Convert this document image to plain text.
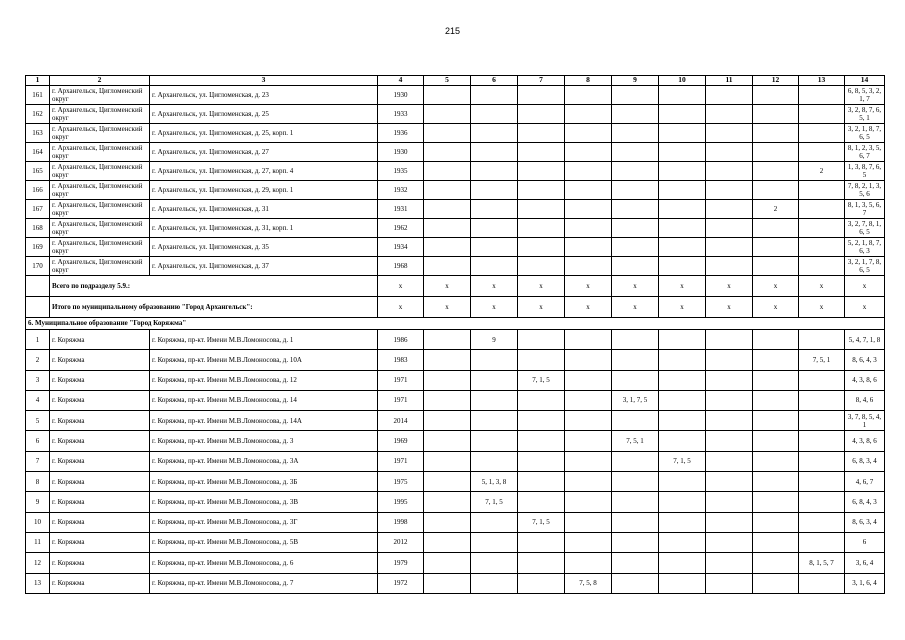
215
1	2	3	4	5	6	7	8	9	10	11	12	13	14
161	г. Архангельск, Цигломенский округ	г. Архангельск, ул. Цигломенская, д. 23	1930										6, 8, 5, 3, 2, 1, 7
162	г. Архангельск, Цигломенский округ	г. Архангельск, ул. Цигломенская, д. 25	1933										3, 2, 8, 7, 6, 5, 1
163	г. Архангельск, Цигломенский округ	г. Архангельск, ул. Цигломенская, д. 25, корп. 1	1936										3, 2, 1, 8, 7, 6, 5
164	г. Архангельск, Цигломенский округ	г. Архангельск, ул. Цигломенская, д. 27	1930										8, 1, 2, 3, 5, 6, 7
165	г. Архангельск, Цигломенский округ	г. Архангельск, ул. Цигломенская, д. 27, корп. 4	1935									2	1, 3, 8, 7, 6, 5
166	г. Архангельск, Цигломенский округ	г. Архангельск, ул. Цигломенская, д. 29, корп. 1	1932										7, 8, 2, 1, 3, 5, 6
167	г. Архангельск, Цигломенский округ	г. Архангельск, ул. Цигломенская, д. 31	1931								2		8, 1, 3, 5, 6, 7
168	г. Архангельск, Цигломенский округ	г. Архангельск, ул. Цигломенская, д. 31, корп. 1	1962										3, 2, 7, 8, 1, 6, 5
169	г. Архангельск, Цигломенский округ	г. Архангельск, ул. Цигломенская, д. 35	1934										5, 2, 1, 8, 7, 6, 3
170	г. Архангельск, Цигломенский округ	г. Архангельск, ул. Цигломенская, д. 37	1968										3, 2, 1, 7, 8, 6, 5
	Всего по подразделу 5.9.:		x	x	x	x	x	x	x	x	x	x	x
	Итого по муниципальному образованию "Город Архангельск":		x	x	x	x	x	x	x	x	x	x	x
6. Муниципальное образование "Город Коряжма"													
1	г. Коряжма	г. Коряжма, пр-кт. Имени М.В.Ломоносова, д. 1	1986		9								5, 4, 7, 1, 8
2	г. Коряжма	г. Коряжма, пр-кт. Имени М.В.Ломоносова, д. 10А	1983									7, 5, 1	8, 6, 4, 3
3	г. Коряжма	г. Коряжма, пр-кт. Имени М.В.Ломоносова, д. 12	1971			7, 1, 5							4, 3, 8, 6
4	г. Коряжма	г. Коряжма, пр-кт. Имени М.В.Ломоносова, д. 14	1971					3, 1, 7, 5					8, 4, 6
5	г. Коряжма	г. Коряжма, пр-кт. Имени М.В.Ломоносова, д. 14А	2014										3, 7, 8, 5, 4, 1
6	г. Коряжма	г. Коряжма, пр-кт. Имени М.В.Ломоносова, д. 3	1969					7, 5, 1					4, 3, 8, 6
7	г. Коряжма	г. Коряжма, пр-кт. Имени М.В.Ломоносова, д. 3А	1971						7, 1, 5				6, 8, 3, 4
8	г. Коряжма	г. Коряжма, пр-кт. Имени М.В.Ломоносова, д. 3Б	1975		5, 1, 3, 8								4, 6, 7
9	г. Коряжма	г. Коряжма, пр-кт. Имени М.В.Ломоносова, д. 3В	1995		7, 1, 5								6, 8, 4, 3
10	г. Коряжма	г. Коряжма, пр-кт. Имени М.В.Ломоносова, д. 3Г	1998			7, 1, 5							8, 6, 3, 4
11	г. Коряжма	г. Коряжма, пр-кт. Имени М.В.Ломоносова, д. 5В	2012										6
12	г. Коряжма	г. Коряжма, пр-кт. Имени М.В.Ломоносова, д. 6	1979									8, 1, 5, 7	3, 6, 4
13	г. Коряжма	г. Коряжма, пр-кт. Имени М.В.Ломоносова, д. 7	1972				7, 5, 8						3, 1, 6, 4
